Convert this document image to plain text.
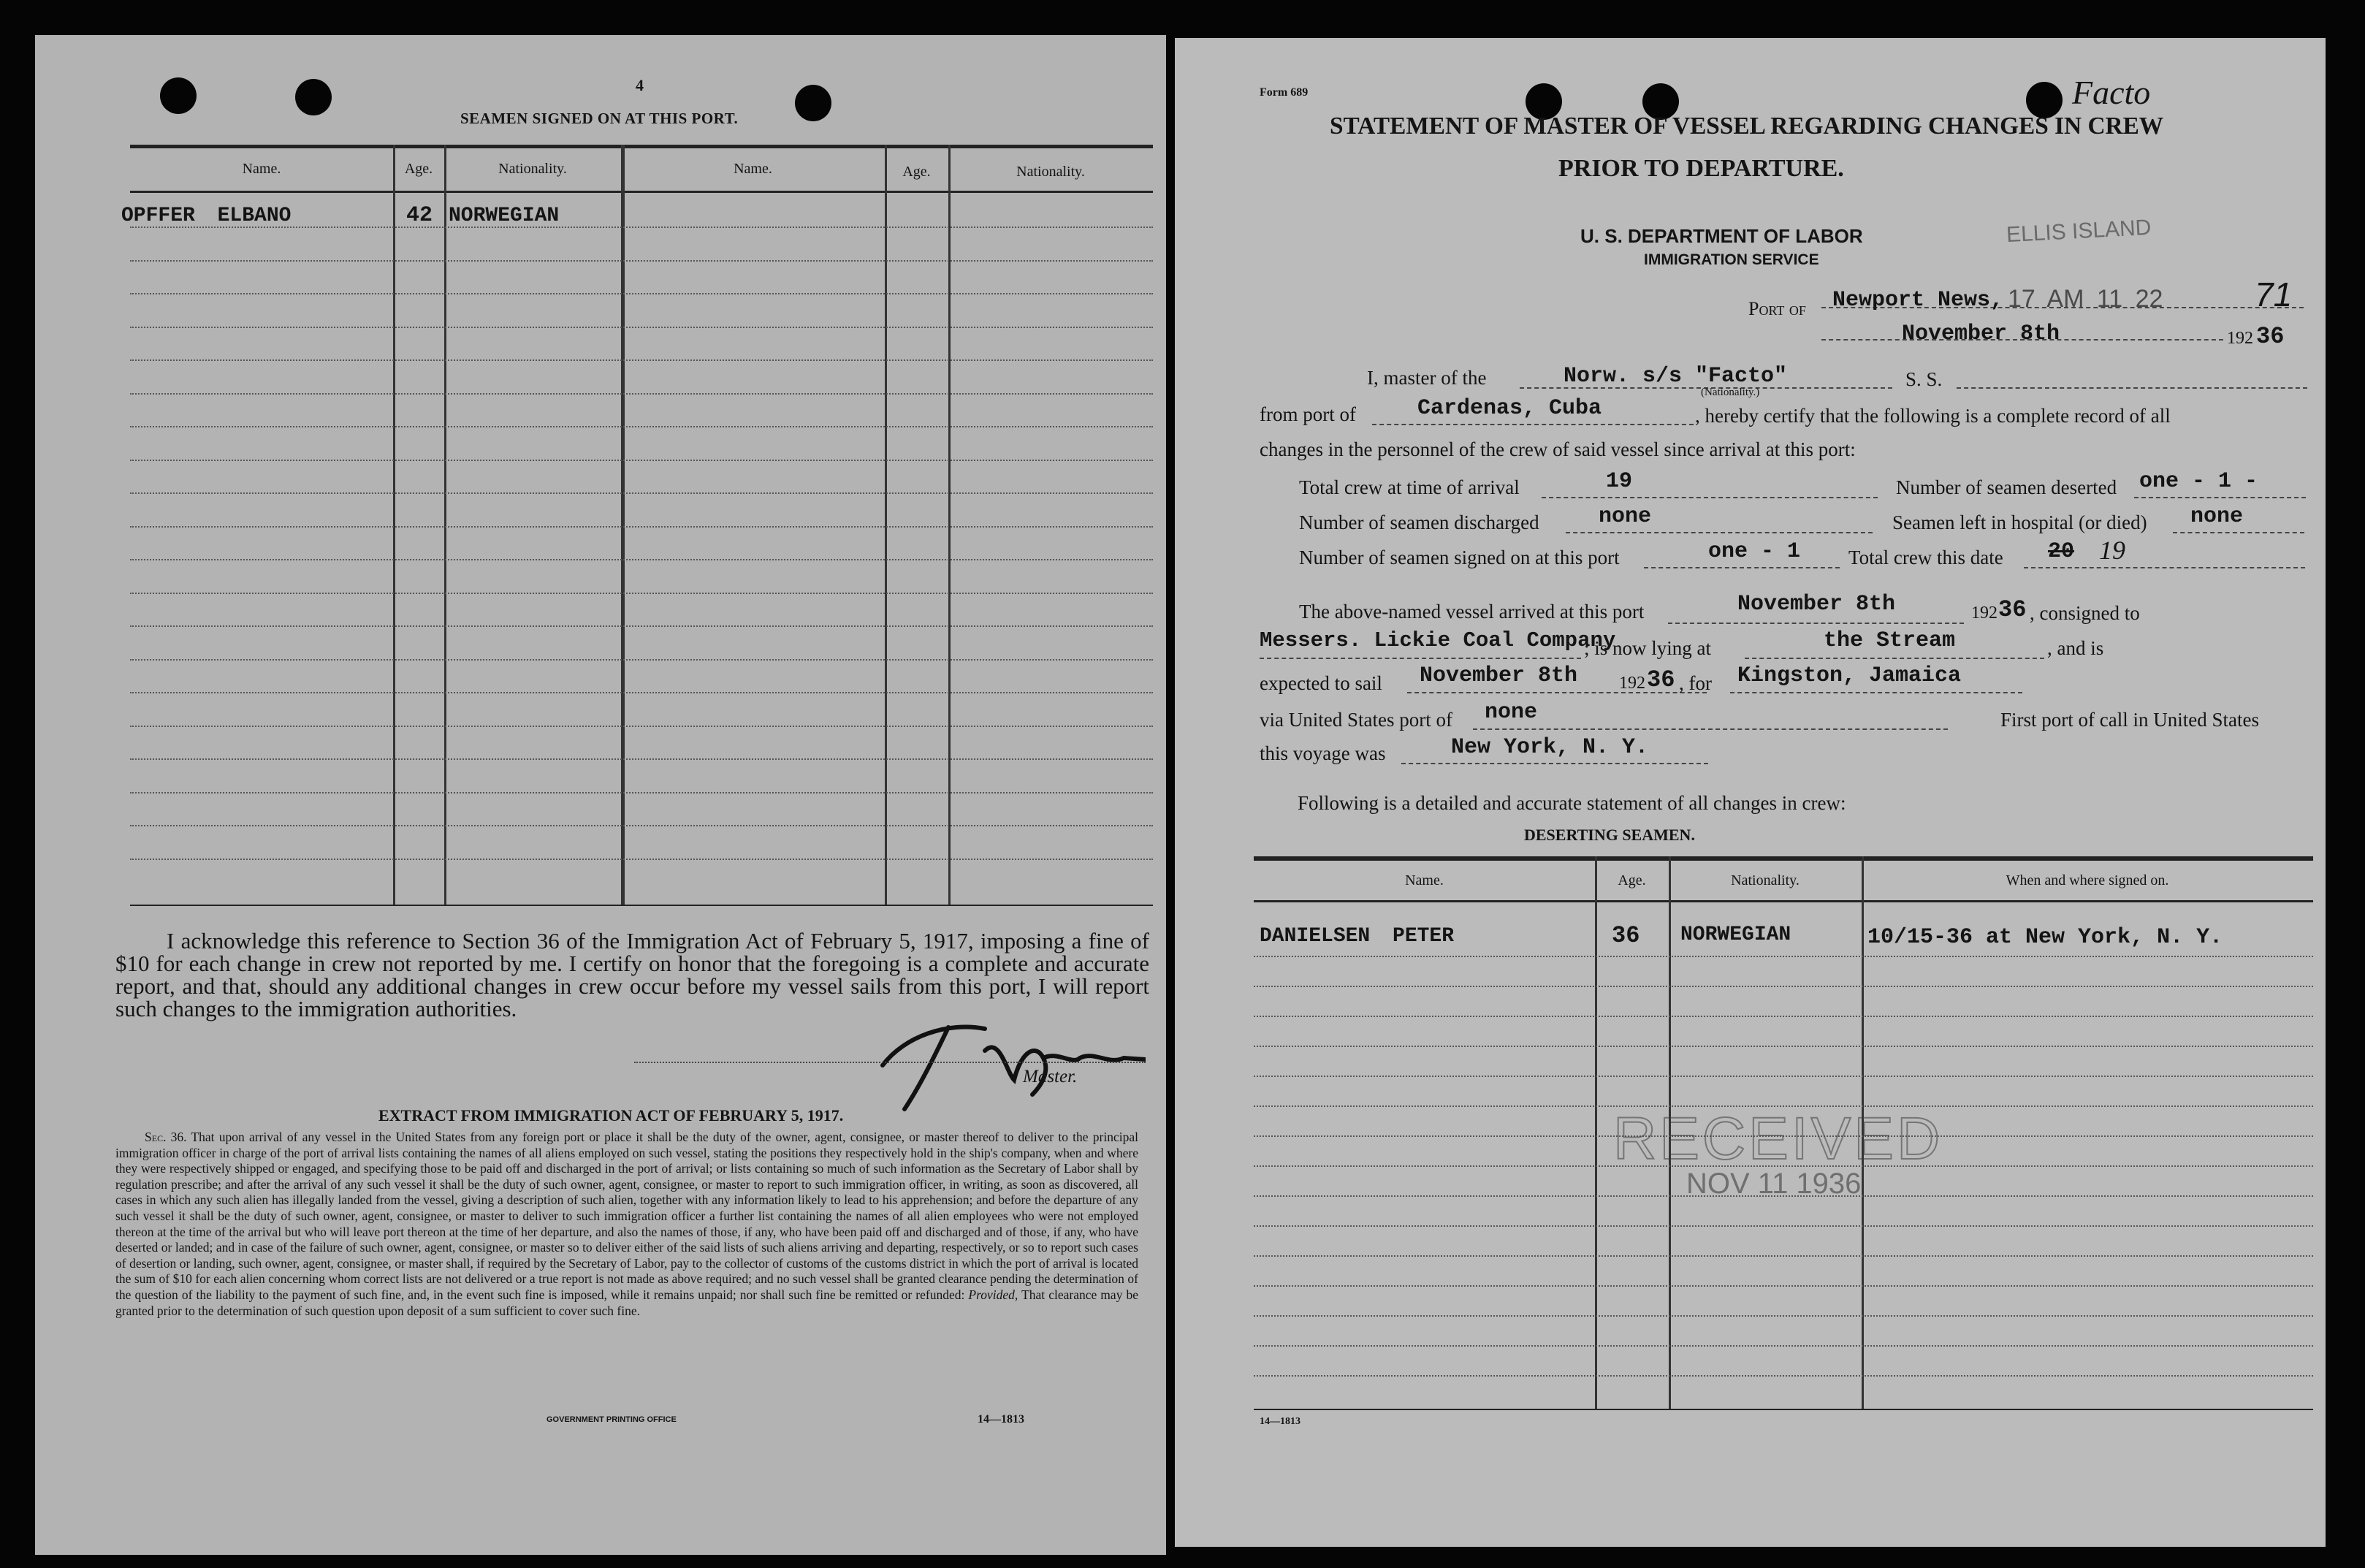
4
SEAMEN SIGNED ON AT THIS PORT.
Name.	Age.	Nationality.	Name.	Age.	Nationality.
OPFFER ELBANO	42 NORWEGIAN
I acknowledge this reference to Section 36 of the Immigration Act of February 5, 1917, imposing a fine of $10 for each change in crew not reported by me. I certify on honor that the foregoing is a complete and accurate report, and that, should any additional changes in crew occur before my vessel sails from this port, I will report such changes to the immigration authorities.
Master.
EXTRACT FROM IMMIGRATION ACT OF FEBRUARY 5, 1917.
Sec. 36. That upon arrival of any vessel in the United States from any foreign port or place it shall be the duty of the owner, agent, consignee, or master thereof to deliver to the principal immigration officer in charge of the port of arrival lists containing the names of all aliens employed on such vessel, stating the positions they respectively hold in the ship's company, when and where they were respectively shipped or engaged, and specifying those to be paid off and discharged in the port of arrival; or lists containing so much of such information as the Secretary of Labor shall by regulation prescribe; and after the arrival of any such vessel it shall be the duty of such owner, agent, consignee, or master to report to such immigration officer, in writing, as soon as discovered, all cases in which any such alien has illegally landed from the vessel, giving a description of such alien, together with any information likely to lead to his apprehension; and before the departure of any such vessel it shall be the duty of such owner, agent, consignee, or master to deliver to such immigration officer a further list containing the names of all alien employees who were not employed thereon at the time of the arrival but who will leave port thereon at the time of her departure, and also the names of those, if any, who have been paid off and discharged and of those, if any, who have deserted or landed; and in case of the failure of such owner, agent, consignee, or master so to deliver either of the said lists of such aliens arriving and departing, respectively, or so to report such cases of desertion or landing, such owner, agent, consignee, or master shall, if required by the Secretary of Labor, pay to the collector of customs of the customs district in which the port of arrival is located the sum of $10 for each alien concerning whom correct lists are not delivered or a true report is not made as above required; and no such vessel shall be granted clearance pending the determination of the question of the liability to the payment of such fine, and, in the event such fine is imposed, while it remains unpaid; nor shall such fine be remitted or refunded: Provided, That clearance may be granted prior to the determination of such question upon deposit of a sum sufficient to cover such fine.
GOVERNMENT PRINTING OFFICE	14—1813
Form 689	Facto
STATEMENT OF MASTER OF VESSEL REGARDING CHANGES IN CREW
PRIOR TO DEPARTURE.
U. S. DEPARTMENT OF LABOR
IMMIGRATION SERVICE
ELLIS ISLAND
Port of Newport News, 17 AM 11 22	71
November 8th	192 36
I, master of the	Norw. s/s "Facto"
(Nationality.)
S. S.
from port of	Cardenas, Cuba	, hereby certify that the following is a complete record of all
changes in the personnel of the crew of said vessel since arrival at this port:
Total crew at time of arrival	19	Number of seamen deserted one - 1 -
Number of seamen discharged	none	Seamen left in hospital (or died) none
Number of seamen signed on at this port	one - 1 Total crew this date 20 19
The above-named vessel arrived at this port	November 8th	192 36 , consigned to
Messers. Lickie Coal Company
; is now lying at	the Stream	, and is
expected to sail November 8th 192 36 , for Kingston, Jamaica
via United States port of none	First port of call in United States
this voyage was	New York, N. Y.
Following is a detailed and accurate statement of all changes in crew:
DESERTING SEAMEN.
Name.	Age.	Nationality.	When and where signed on.
DANIELSEN PETER	36 NORWEGIAN	10/15-36 at New York, N. Y.
RECEIVED
NOV 11 1936
14—1813
